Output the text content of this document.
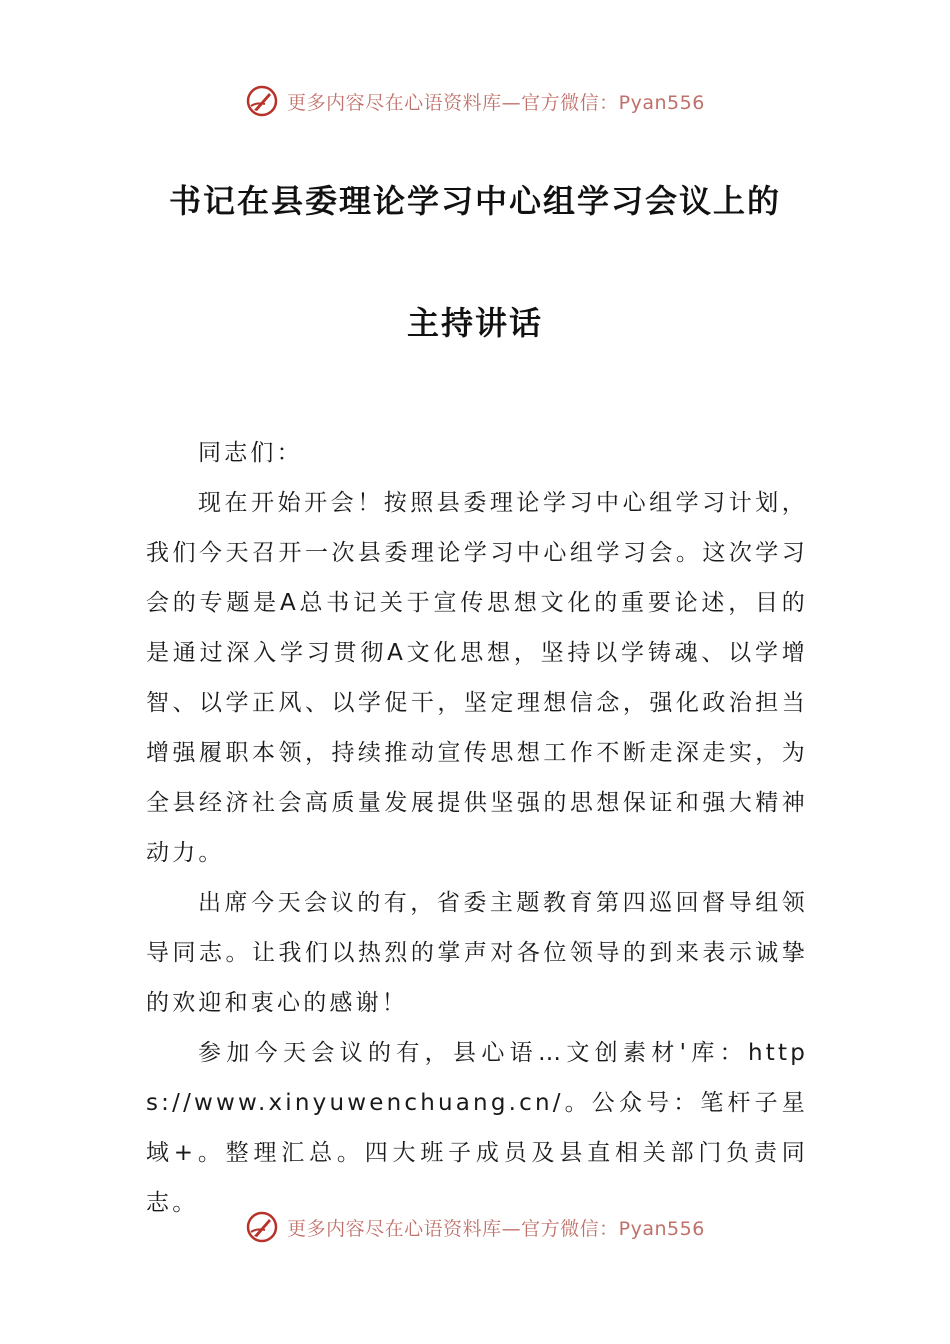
更多内容尽在心语资料库—官方微信：Pyan556
书记在县委理论学习中心组学习会议上的
主持讲话

同志们：

现在开始开会！按照县委理论学习中心组学习计划，我们今天召开一次县委理论学习中心组学习会。这次学习会的专题是A总书记关于宣传思想文化的重要论述，目的是通过深入学习贯彻A文化思想，坚持以学铸魂、以学增智、以学正风、以学促干，坚定理想信念，强化政治担当增强履职本领，持续推动宣传思想工作不断走深走实，为全县经济社会高质量发展提供坚强的思想保证和强大精神动力。

出席今天会议的有，省委主题教育第四巡回督导组领导同志。让我们以热烈的掌声对各位领导的到来表示诚挚的欢迎和衷心的感谢！

参加今天会议的有，县心语…文创素材'库：https://www.xinyuwenchuang.cn/。公众号：笔杆子星域+。整理汇总。四大班子成员及县直相关部门负责同志。

更多内容尽在心语资料库—官方微信：Pyan556
